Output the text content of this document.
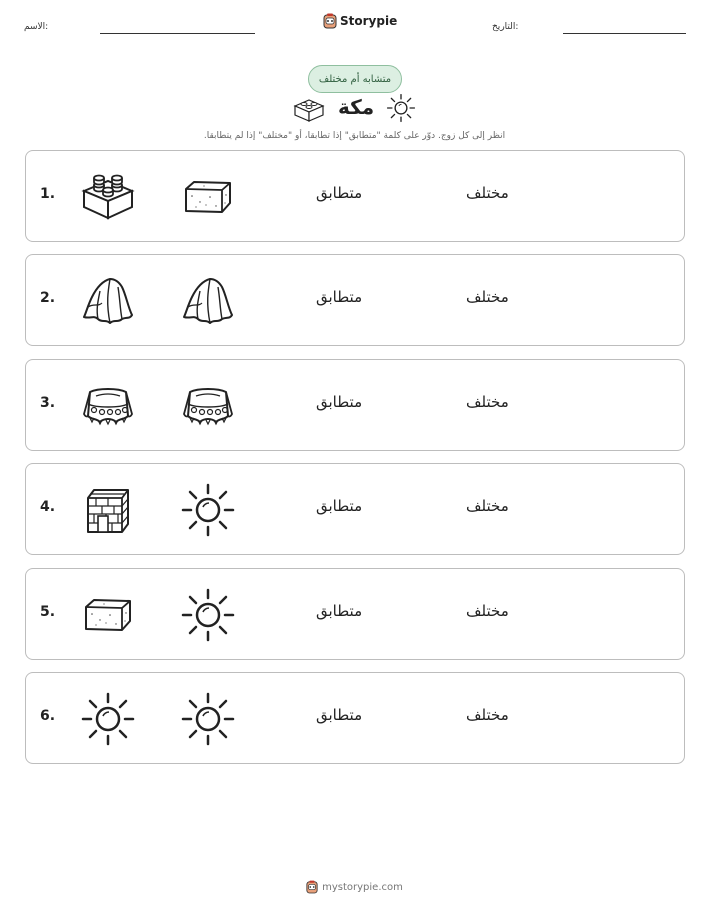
الاسم:	Storypie	التاريخ:
متشابه أم مختلف
مكة
انظر إلى كل زوج. دوّر على كلمة "متطابق" إذا تطابقا، أو "مختلف" إذا لم يتطابقا.
1.	متطابق	مختلف
2.	متطابق	مختلف
3.	متطابق	مختلف
4.	متطابق	مختلف
5.	متطابق	مختلف
6.	متطابق	مختلف
mystorypie.com
